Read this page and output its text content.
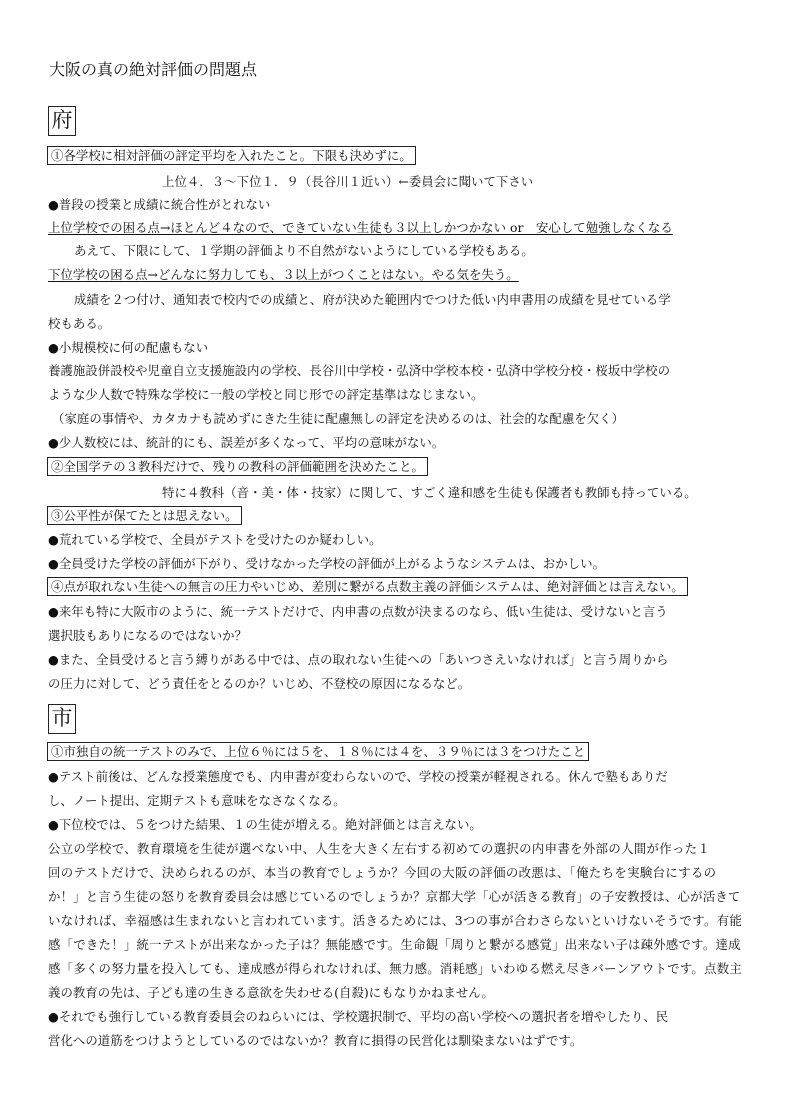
大阪の真の絶対評価の問題点
府
①各学校に相対評価の評定平均を入れたこと。下限も決めずに。
上位４．３～下位１．９（長谷川１近い）←委員会に聞いて下さい
●普段の授業と成績に統合性がとれない
上位学校での困る点→ほとんど４なので、できていない生徒も３以上しかつかない or　安心して勉強しなくなる
あえて、下限にして、１学期の評価より不自然がないようにしている学校もある。
下位学校の困る点→どんなに努力しても、３以上がつくことはない。やる気を失う。
成績を２つ付け、通知表で校内での成績と、府が決めた範囲内でつけた低い内申書用の成績を見せている学
校もある。
●小規模校に何の配慮もない
養護施設併設校や児童自立支援施設内の学校、長谷川中学校・弘済中学校本校・弘済中学校分校・桜坂中学校の
ような少人数で特殊な学校に一般の学校と同じ形での評定基準はなじまない。
（家庭の事情や、カタカナも読めずにきた生徒に配慮無しの評定を決めるのは、社会的な配慮を欠く）
●少人数校には、統計的にも、誤差が多くなって、平均の意味がない。
②全国学テの３教科だけで、残りの教科の評価範囲を決めたこと。
特に４教科（音・美・体・技家）に関して、すごく違和感を生徒も保護者も教師も持っている。
③公平性が保てたとは思えない。
●荒れている学校で、全員がテストを受けたのか疑わしい。
●全員受けた学校の評価が下がり、受けなかった学校の評価が上がるようなシステムは、おかしい。
④点が取れない生徒への無言の圧力やいじめ、差別に繋がる点数主義の評価システムは、絶対評価とは言えない。
●来年も特に大阪市のように、統一テストだけで、内申書の点数が決まるのなら、低い生徒は、受けないと言う
選択肢もありになるのではないか？
●また、全員受けると言う縛りがある中では、点の取れない生徒への「あいつさえいなければ」と言う周りから
の圧力に対して、どう責任をとるのか？いじめ、不登校の原因になるなど。
市
①市独自の統一テストのみで、上位６％には５を、１８％には４を、３９％には３をつけたこと
●テスト前後は、どんな授業態度でも、内申書が変わらないので、学校の授業が軽視される。休んで塾もありだ
し、ノート提出、定期テストも意味をなさなくなる。
●下位校では、５をつけた結果、１の生徒が増える。絶対評価とは言えない。
公立の学校で、教育環境を生徒が選べない中、人生を大きく左右する初めての選択の内申書を外部の人間が作った１
回のテストだけで、決められるのが、本当の教育でしょうか？今回の大阪の評価の改悪は、「俺たちを実験台にするの
か！」と言う生徒の怒りを教育委員会は感じているのでしょうか？京都大学「心が活きる教育」の子安教授は、心が活きて
いなければ、幸福感は生まれないと言われています。活きるためには、3つの事が合わさらないといけないそうです。有能
感「できた！」統一テストが出来なかった子は？無能感です。生命観「周りと繋がる感覚」出来ない子は疎外感です。達成
感「多くの努力量を投入しても、達成感が得られなければ、無力感。消耗感」いわゆる燃え尽きバーンアウトです。点数主
義の教育の先は、子ども達の生きる意欲を失わせる(自殺)にもなりかねません。
●それでも強行している教育委員会のねらいには、学校選択制で、平均の高い学校への選択者を増やしたり、民
営化への道筋をつけようとしているのではないか？教育に損得の民営化は馴染まないはずです。
